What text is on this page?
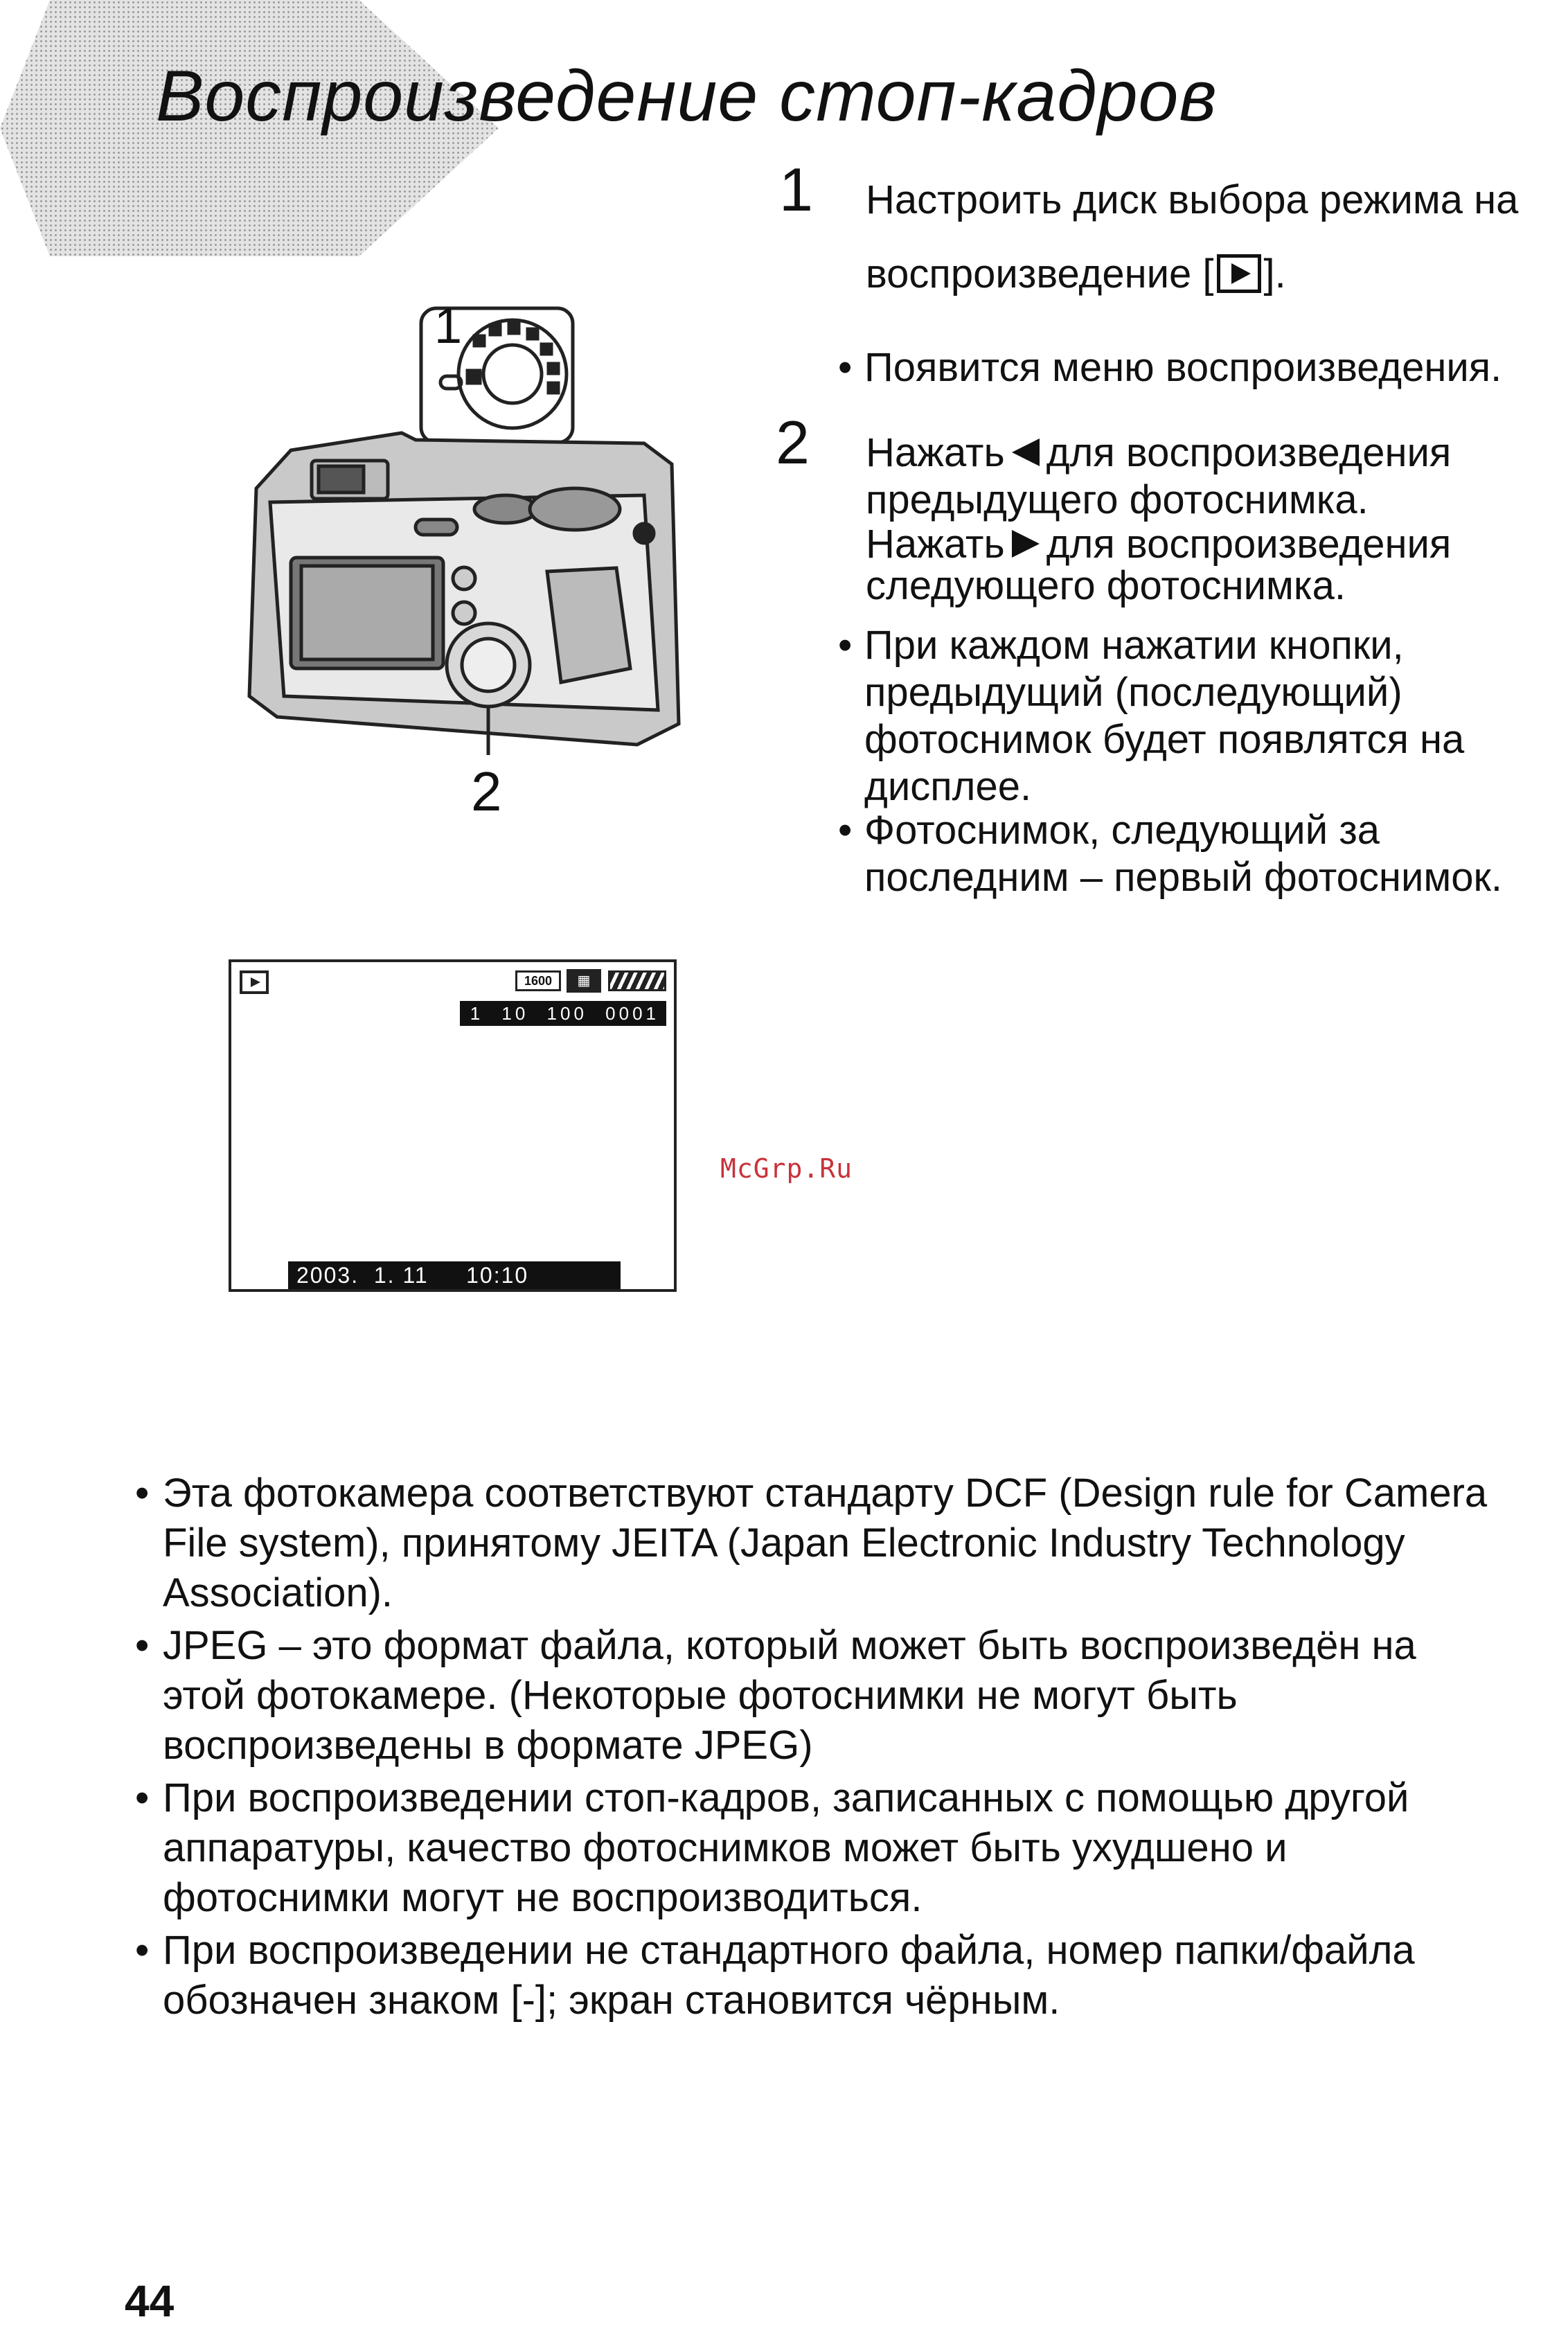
Воспроизведение стоп-кадров
1 Настроить диск выбора режима на
воспроизведение [ ].
• Появится меню воспроизведения.
2 Нажать для воспроизведения
предыдущего фотоснимка.
Нажать для воспроизведения
следующего фотоснимка.
• При каждом нажатии кнопки,
предыдущий (последующий)
фотоснимок будет появлятся на
дисплее.
• Фотоснимок, следующий за
последним – первый фотоснимок.
1
2
1600	▦
1 10 100 0001
2003.  1. 11     10:10
McGrp.Ru
• Эта фотокамера соответствуют стандарту DCF (Design rule for Camera
File system), принятому JEITA (Japan Electronic Industry Technology
Association).
• JPEG – это формат файла, который может быть воспроизведён на
этой фотокамере. (Некоторые фотоснимки не могут быть
воспроизведены в формате JPEG)
• При воспроизведении стоп-кадров, записанных с помощью другой
аппаратуры, качество фотоснимков может быть ухудшено и
фотоснимки могут не воспроизводиться.
• При воспроизведении не стандартного файла, номер папки/файла
обозначен знаком [-]; экран становится чёрным.
44
